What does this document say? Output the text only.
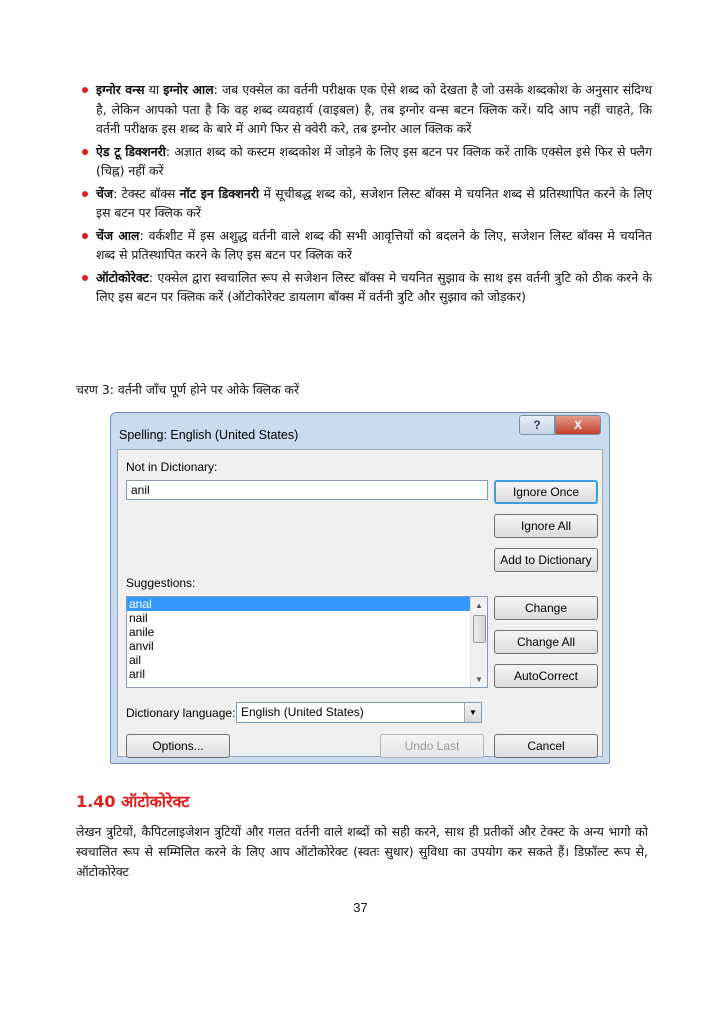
इग्नोर वन्स या इग्नोर आल: जब एक्सेल का वर्तनी परीक्षक एक ऐसे शब्द को देखता है जो उसके शब्दकोश के अनुसार संदिग्ध है, लेकिन आपको पता है कि वह शब्द व्यवहार्य (वाइबल) है, तब इग्नोर वन्स बटन क्लिक करें। यदि आप नहीं चाहते, कि वर्तनी परीक्षक इस शब्द के बारे में आगे फिर से क्वेरी करे, तब इग्नोर आल क्लिक करें
ऐड टू डिक्शनरी: अज्ञात शब्द को कस्टम शब्दकोश में जोड़ने के लिए इस बटन पर क्लिक करें ताकि एक्सेल इसे फिर से फ्लैग (चिह्न) नहीं करें
चेंज: टेक्स्ट बॉक्स नॉट इन डिक्शनरी में सूचीबद्ध शब्द को, सजेशन लिस्ट बॉक्स मे चयनित शब्द से प्रतिस्थापित करने के लिए इस बटन पर क्लिक करें
चेंज आल: वर्कशीट में इस अशुद्ध वर्तनी वाले शब्द की सभी आवृत्तियों को बदलने के लिए, सजेशन लिस्ट बॉक्स मे चयनित शब्द से प्रतिस्थापित करने के लिए इस बटन पर क्लिक करें
ऑटोकोरेक्ट: एक्सेल द्वारा स्वचालित रूप से सजेशन लिस्ट बॉक्स मे चयनित सुझाव के साथ इस वर्तनी त्रुटि को ठीक करने के लिए इस बटन पर क्लिक करें (ऑटोकोरेक्ट डायलाग बॉक्स में वर्तनी त्रुटि और सुझाव को जोड़कर)
चरण 3: वर्तनी जाँच पूर्ण होने पर ओके क्लिक करें
Spelling: English (United States)
?	X
Not in Dictionary:
anil	Ignore Once
Ignore All
Add to Dictionary
Suggestions:
anal
nail
anile
anvil
ail
aril
▲
▼
Change
Change All
AutoCorrect
Dictionary language: English (United States)	▼
Options...	Undo Last	Cancel
1.40 ऑटोकोरेक्ट
लेखन त्रुटियों, कैपिटलाइजेशन त्रुटियों और गलत वर्तनी वाले शब्दों को सही करने, साथ ही प्रतीकों और टेक्स्ट के अन्य भागो को स्वचालित रूप से सम्मिलित करने के लिए आप ऑटोकोरेक्ट (स्वतः सुधार) सुविधा का उपयोग कर सकते हैं। डिफ़ॉल्ट रूप से, ऑटोकोरेक्ट
37
